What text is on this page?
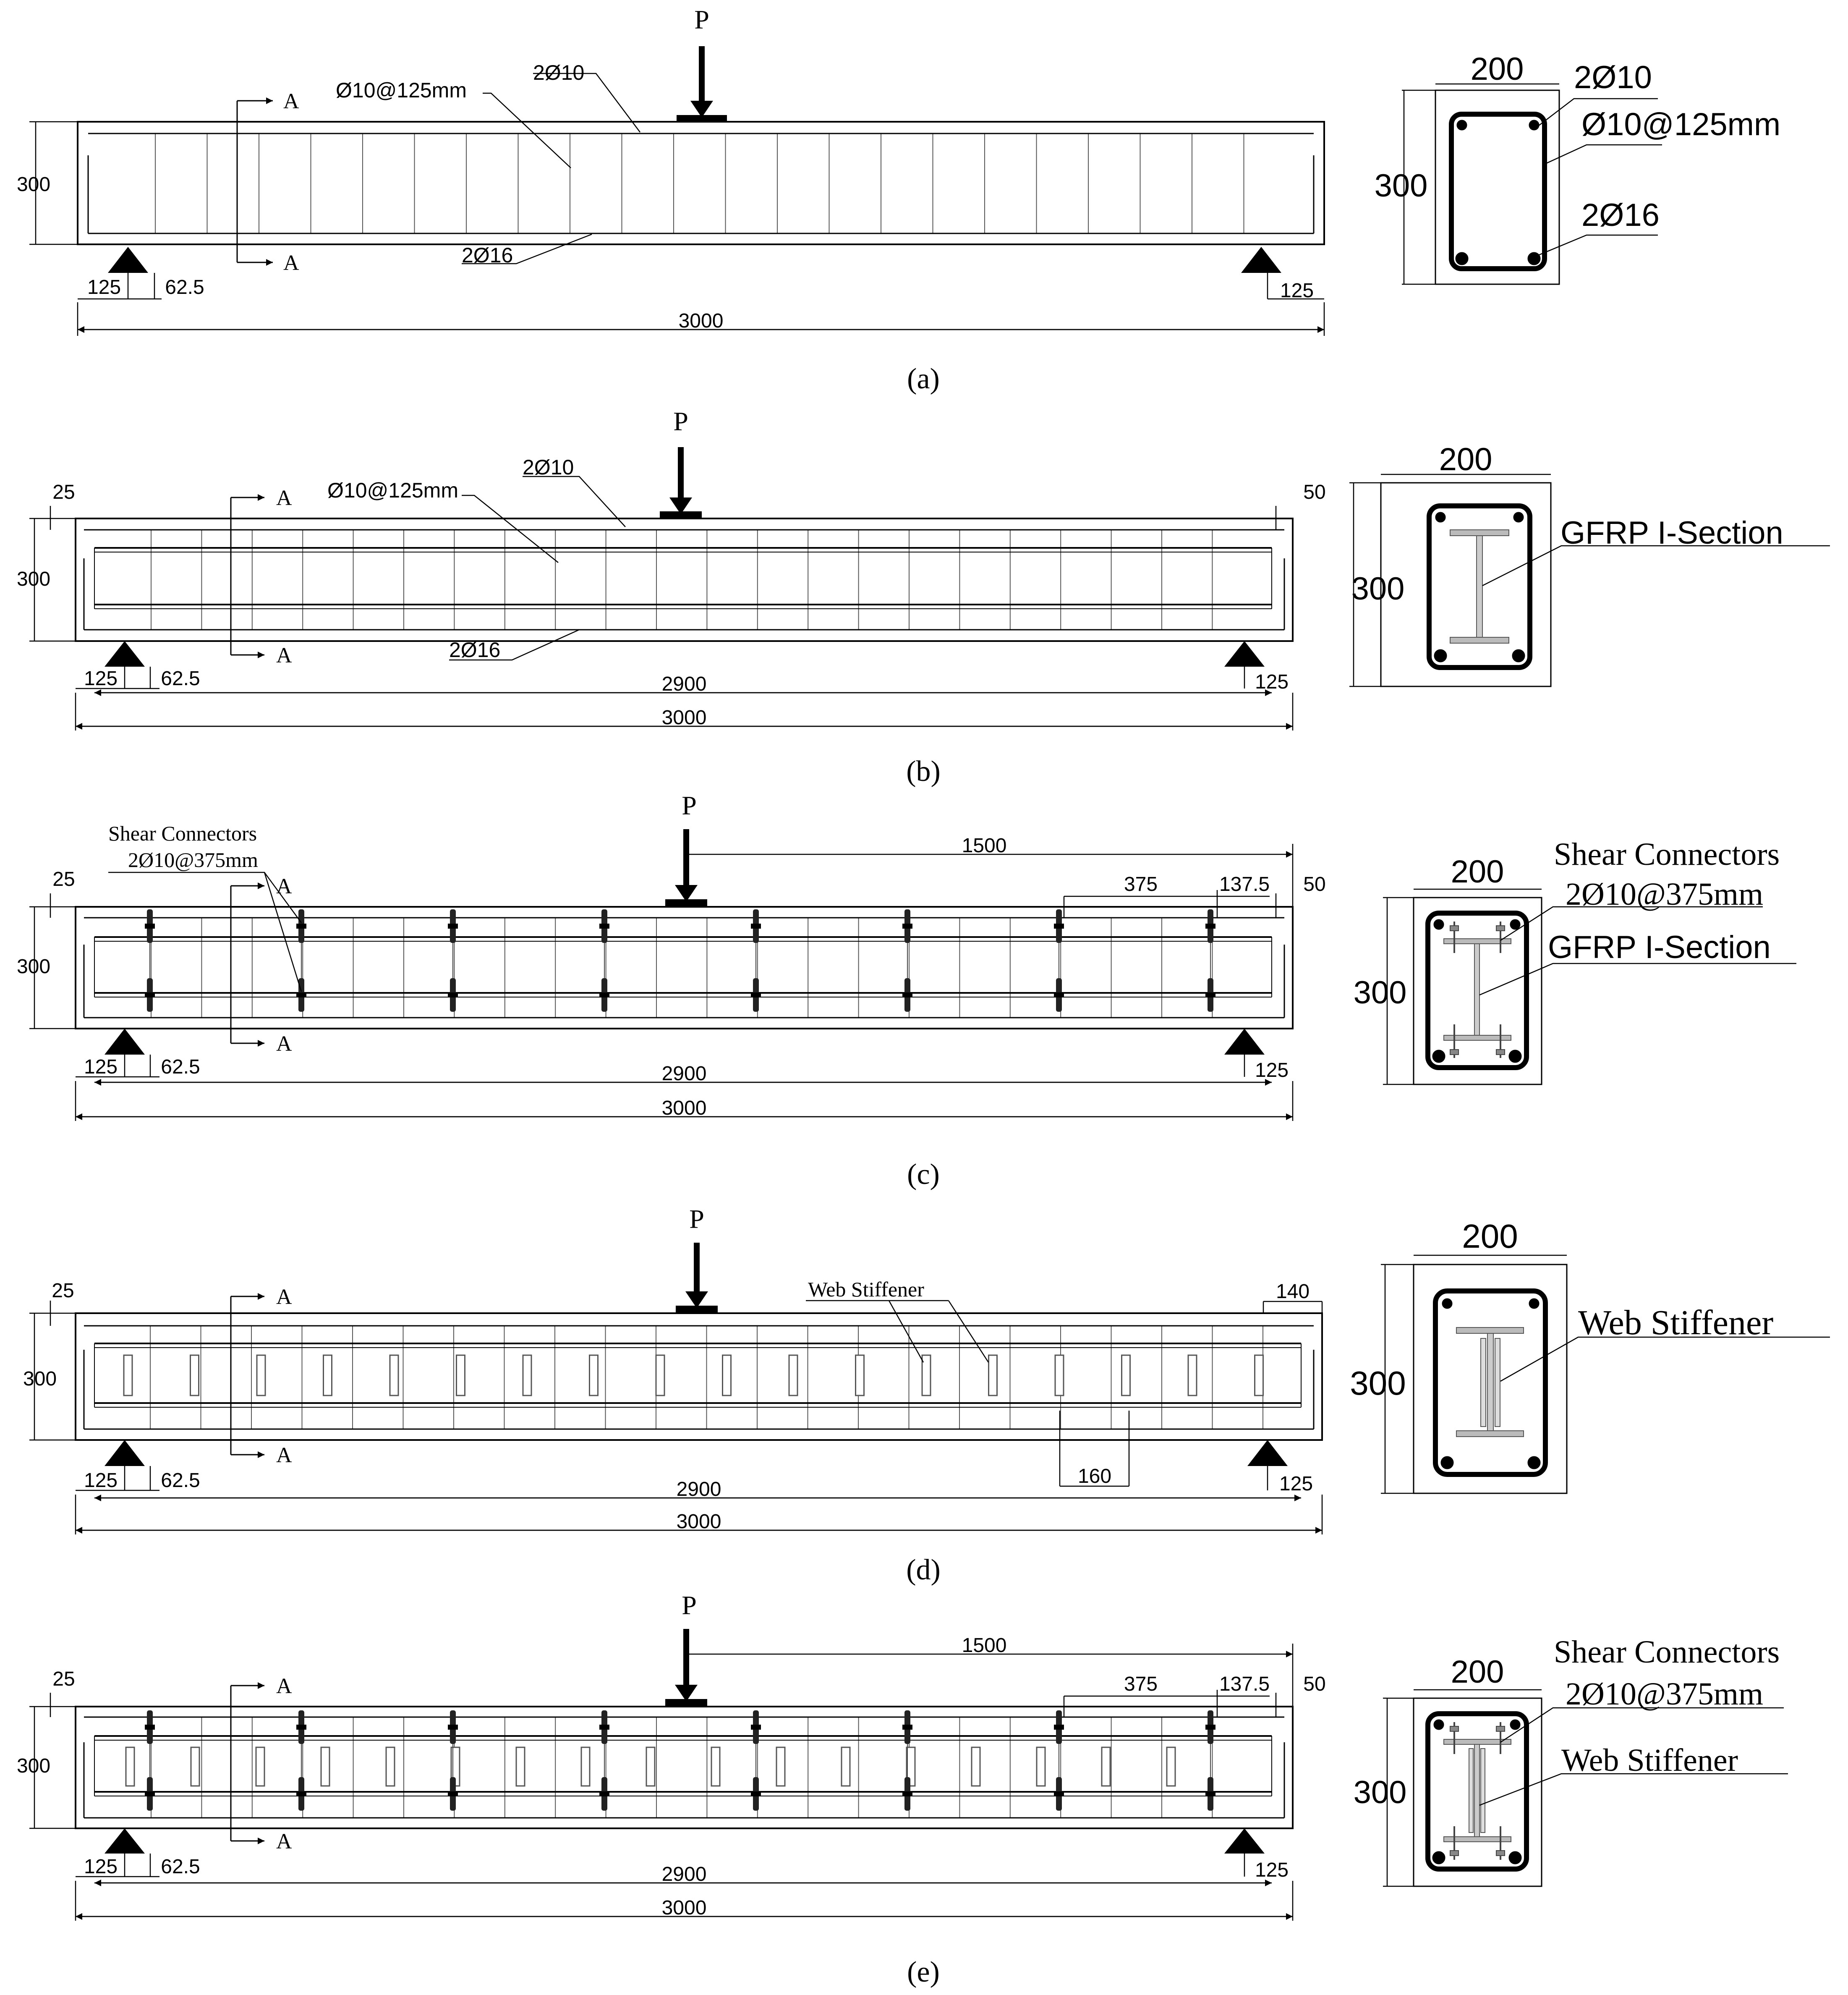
P
A
A
Ø10@125mm
2Ø10
2Ø16
300
125 62.5	125
3000
200
300
2Ø10
Ø10@125mm
2Ø16
(a)
P
A
A
Ø10@125mm
2Ø10
2Ø16
300
25	50
125 62.5	125
2900
3000
200
300
GFRP I-Section
(b)
P
A
A
Shear Connectors
2Ø10@375mm
300
25	50
1500
375	137.5
125 62.5	125
2900
3000
200
300
Shear Connectors
2Ø10@375mm
GFRP I-Section
(c)
P
A
A
Web Stiffener
300
25	140
160
125 62.5	125
2900
3000
200
300
Web Stiffener
(d)
P
A
A
300
25	50
1500
375	137.5
125 62.5	125
2900
3000
200
300
Shear Connectors
2Ø10@375mm
Web Stiffener
(e)
